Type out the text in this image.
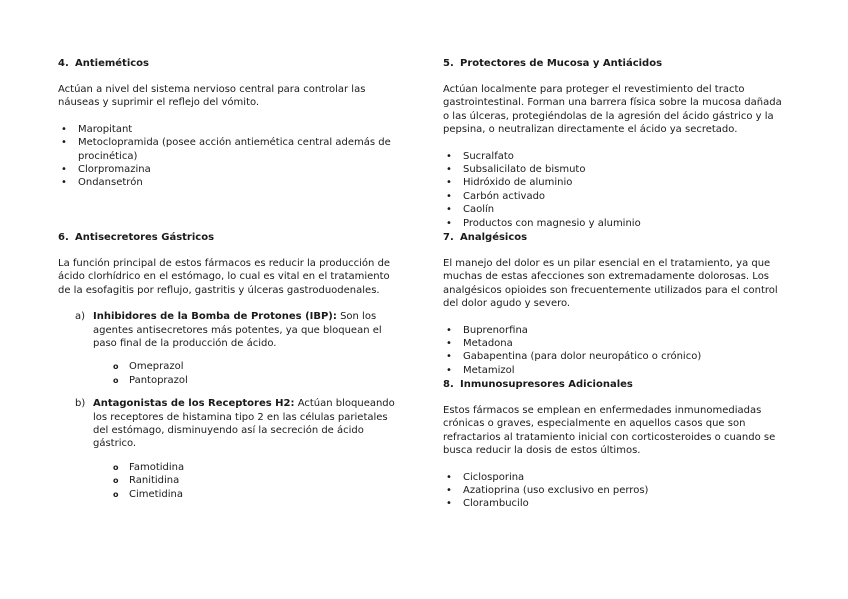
4. Antieméticos

Actúan a nivel del sistema nervioso central para controlar las náuseas y suprimir el reflejo del vómito.

• Maropitant
• Metoclopramida (posee acción antiemética central además de procinética)
• Clorpromazina
• Ondansetrón
6. Antisecretores Gástricos

La función principal de estos fármacos es reducir la producción de ácido clorhídrico en el estómago, lo cual es vital en el tratamiento de la esofagitis por reflujo, gastritis y úlceras gastroduodenales.

a) Inhibidores de la Bomba de Protones (IBP): Son los agentes antisecretores más potentes, ya que bloquean el paso final de la producción de ácido.
o Omeprazol
o Pantoprazol
b) Antagonistas de los Receptores H2: Actúan bloqueando los receptores de histamina tipo 2 en las células parietales del estómago, disminuyendo así la secreción de ácido gástrico.
o Famotidina
o Ranitidina
o Cimetidina
5. Protectores de Mucosa y Antiácidos

Actúan localmente para proteger el revestimiento del tracto gastrointestinal. Forman una barrera física sobre la mucosa dañada o las úlceras, protegiéndolas de la agresión del ácido gástrico y la pepsina, o neutralizan directamente el ácido ya secretado.

• Sucralfato
• Subsalicilato de bismuto
• Hidróxido de aluminio
• Carbón activado
• Caolín
• Productos con magnesio y aluminio
7. Analgésicos

El manejo del dolor es un pilar esencial en el tratamiento, ya que muchas de estas afecciones son extremadamente dolorosas. Los analgésicos opioides son frecuentemente utilizados para el control del dolor agudo y severo.

• Buprenorfina
• Metadona
• Gabapentina (para dolor neuropático o crónico)
• Metamizol
8. Inmunosupresores Adicionales

Estos fármacos se emplean en enfermedades inmunomediadas crónicas o graves, especialmente en aquellos casos que son refractarios al tratamiento inicial con corticosteroides o cuando se busca reducir la dosis de estos últimos.

• Ciclosporina
• Azatioprina (uso exclusivo en perros)
• Clorambucilo
